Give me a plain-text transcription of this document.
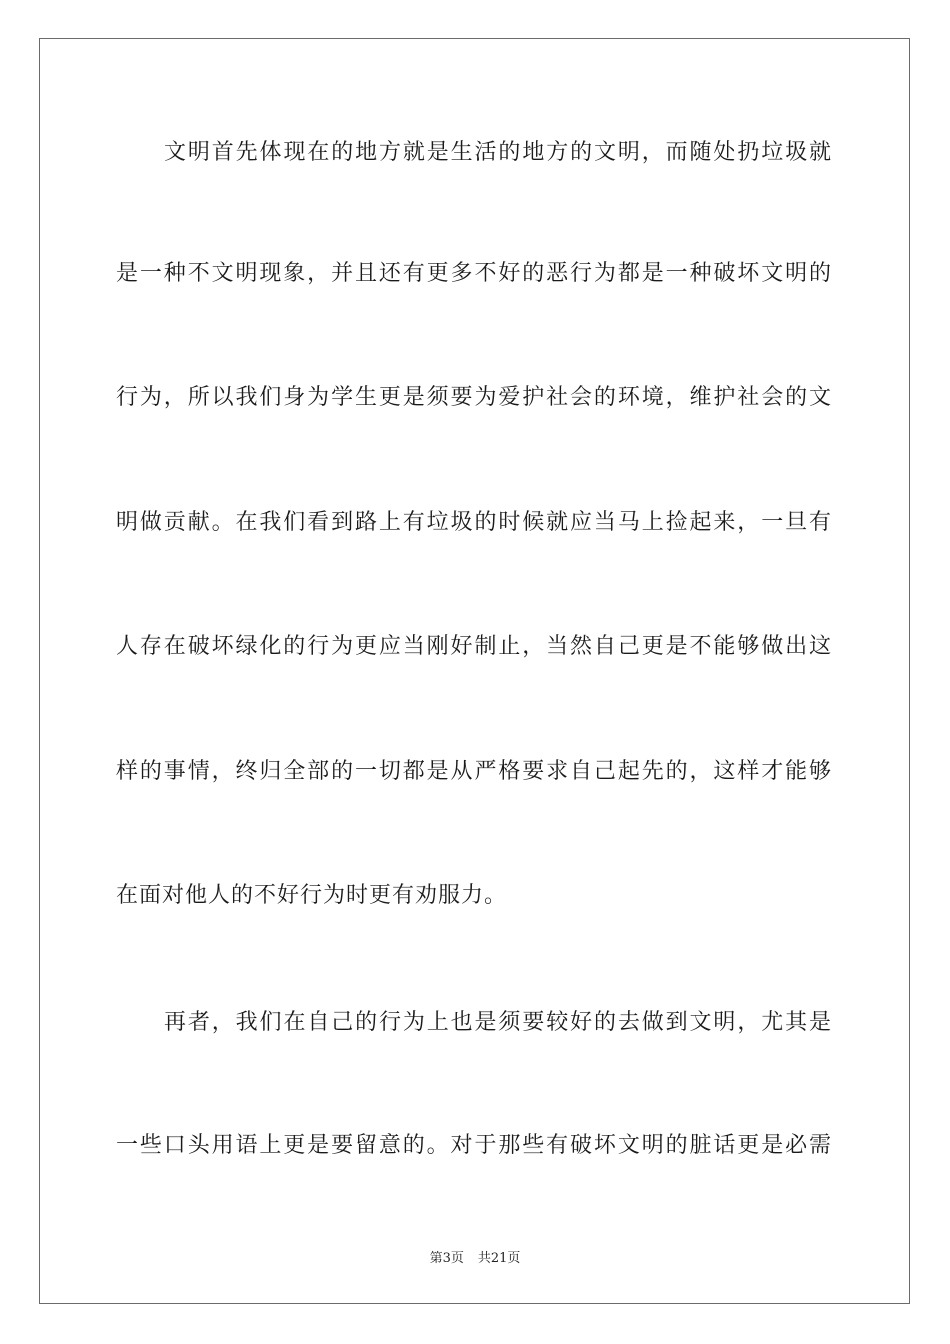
文明首先体现在的地方就是生活的地方的文明，而随处扔垃圾就
是一种不文明现象，并且还有更多不好的恶行为都是一种破坏文明的
行为，所以我们身为学生更是须要为爱护社会的环境，维护社会的文
明做贡献。在我们看到路上有垃圾的时候就应当马上捡起来，一旦有
人存在破坏绿化的行为更应当刚好制止，当然自己更是不能够做出这
样的事情，终归全部的一切都是从严格要求自己起先的，这样才能够
在面对他人的不好行为时更有劝服力。
再者，我们在自己的行为上也是须要较好的去做到文明，尤其是
一些口头用语上更是要留意的。对于那些有破坏文明的脏话更是必需
第3页 共21页
